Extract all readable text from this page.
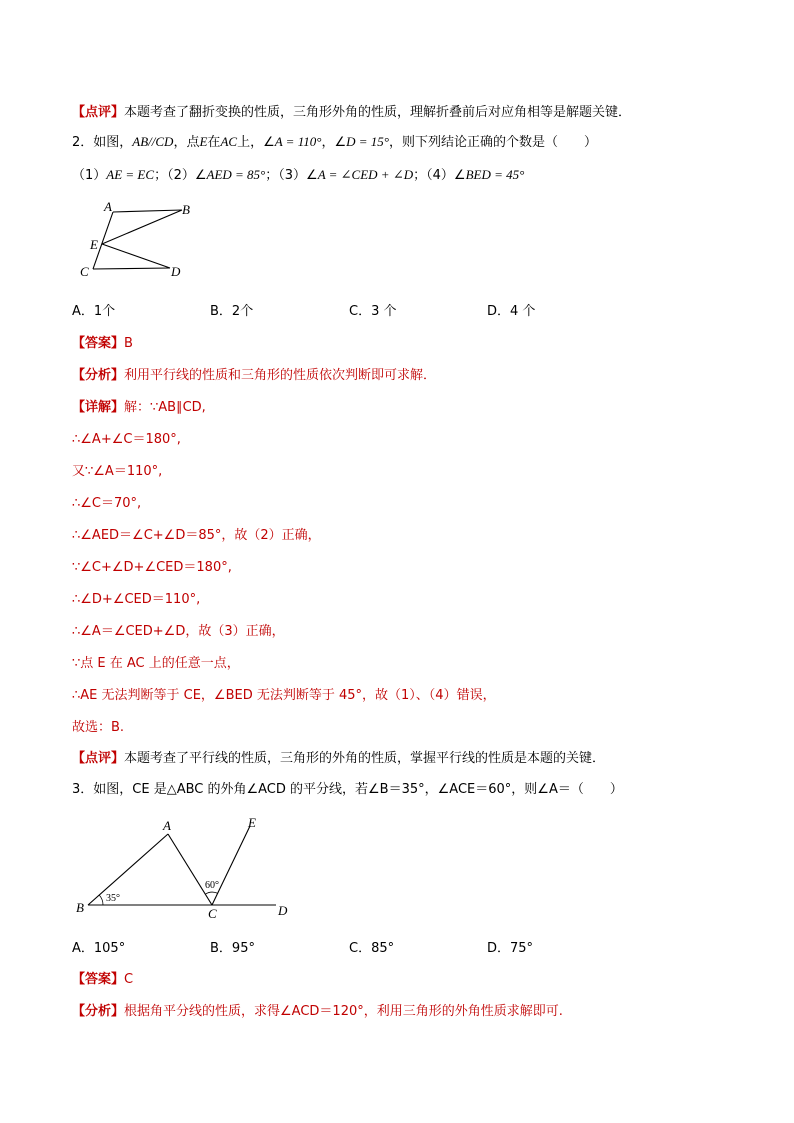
【点评】本题考查了翻折变换的性质，三角形外角的性质，理解折叠前后对应角相等是解题关键．
2．如图，AB//CD，点E在AC上，∠A = 110°，∠D = 15°，则下列结论正确的个数是（　　）
（1）AE = EC；（2）∠AED = 85°；（3）∠A = ∠CED + ∠D；（4）∠BED = 45°
A	B
E
C	D
A．1个	B．2个	C．3 个	D．4 个
【答案】B
【分析】利用平行线的性质和三角形的性质依次判断即可求解．
【详解】解：∵AB∥CD,
∴∠A+∠C＝180°,
又∵∠A＝110°,
∴∠C＝70°,
∴∠AED＝∠C+∠D＝85°，故（2）正确，
∵∠C+∠D+∠CED＝180°,
∴∠D+∠CED＝110°,
∴∠A＝∠CED+∠D，故（3）正确，
∵点 E 在 AC 上的任意一点，
∴AE 无法判断等于 CE，∠BED 无法判断等于 45°，故（1）、（4）错误，
故选：B.
【点评】本题考查了平行线的性质，三角形的外角的性质，掌握平行线的性质是本题的关键．
3．如图，CE 是△ABC 的外角∠ACD 的平分线，若∠B＝35°，∠ACE＝60°，则∠A＝（　　）
A
B	C	D
E
35°
60°
A．105°	B．95°	C．85°	D．75°
【答案】C
【分析】根据角平分线的性质，求得∠ACD＝120°，利用三角形的外角性质求解即可.
